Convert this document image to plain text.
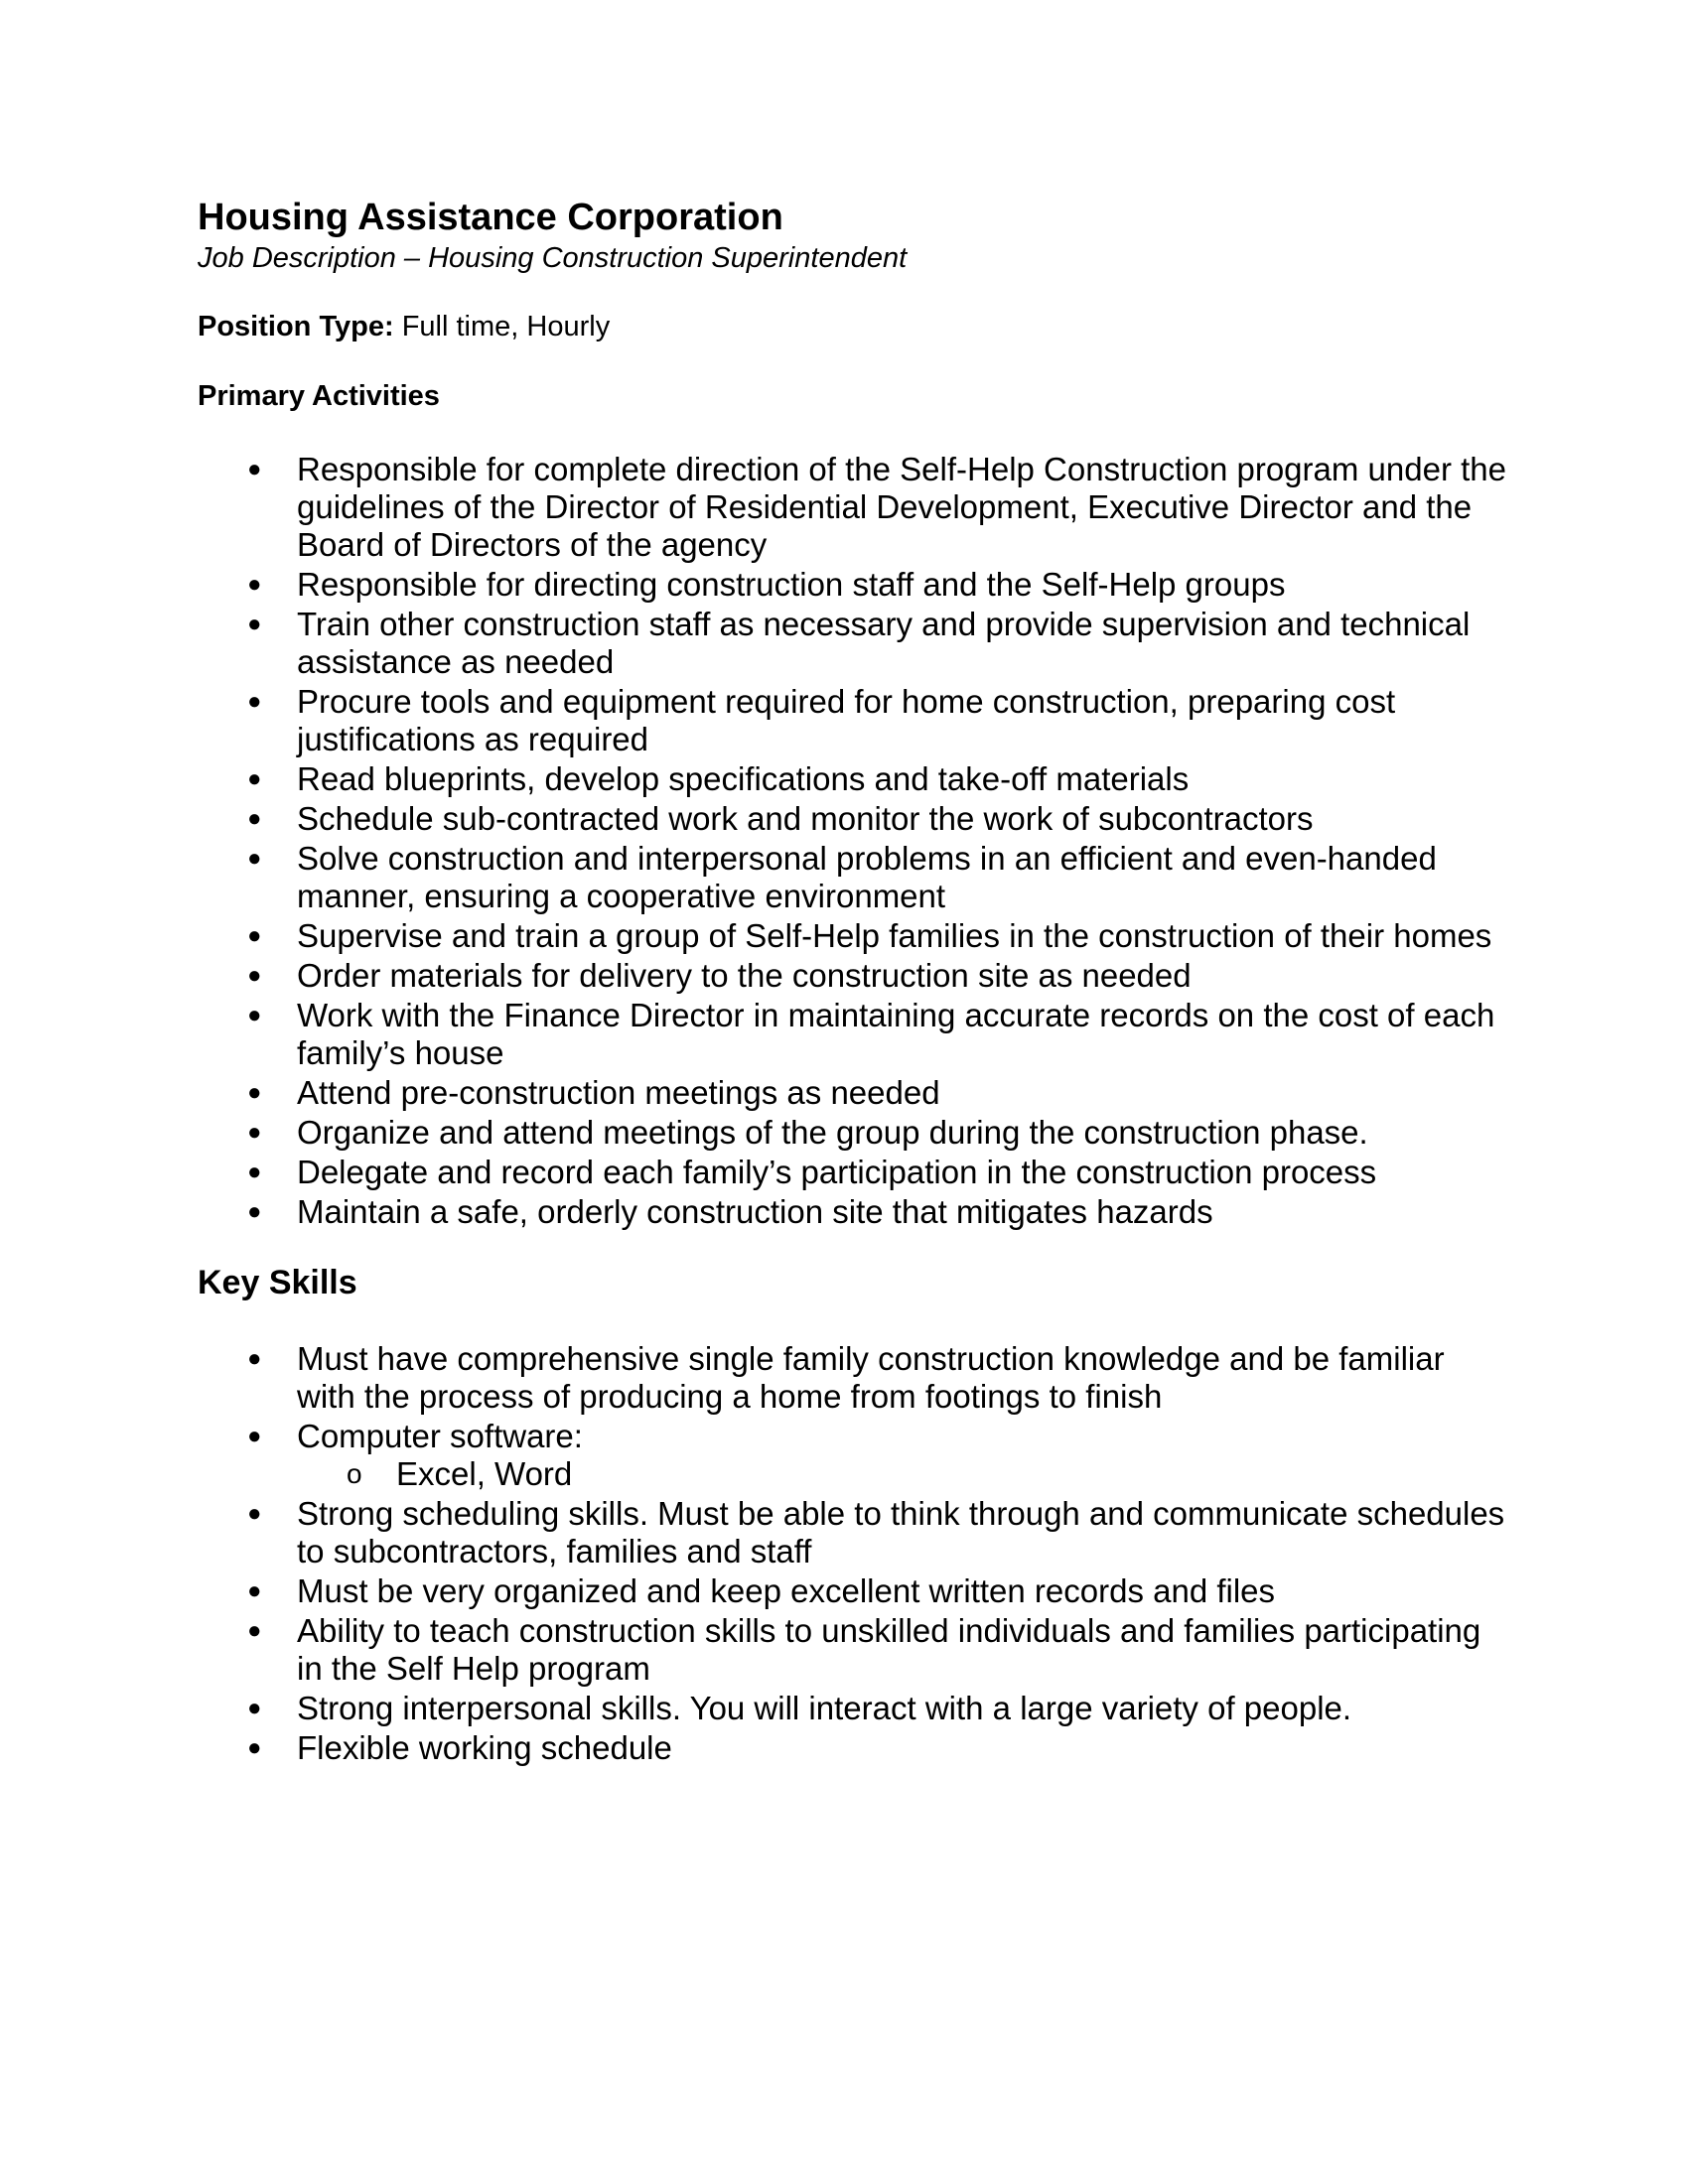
Housing Assistance Corporation
Job Description – Housing Construction Superintendent
Position Type: Full time, Hourly
Primary Activities
● Responsible for complete direction of the Self-Help Construction program under the guidelines of the Director of Residential Development, Executive Director and the Board of Directors of the agency
● Responsible for directing construction staff and the Self-Help groups
● Train other construction staff as necessary and provide supervision and technical assistance as needed
● Procure tools and equipment required for home construction, preparing cost justifications as required
● Read blueprints, develop specifications and take-off materials
● Schedule sub-contracted work and monitor the work of subcontractors
● Solve construction and interpersonal problems in an efficient and even-handed manner, ensuring a cooperative environment
● Supervise and train a group of Self-Help families in the construction of their homes
● Order materials for delivery to the construction site as needed
● Work with the Finance Director in maintaining accurate records on the cost of each family’s house
● Attend pre-construction meetings as needed
● Organize and attend meetings of the group during the construction phase.
● Delegate and record each family’s participation in the construction process
● Maintain a safe, orderly construction site that mitigates hazards
Key Skills
● Must have comprehensive single family construction knowledge and be familiar with the process of producing a home from footings to finish
● Computer software:
o Excel, Word
● Strong scheduling skills. Must be able to think through and communicate schedules to subcontractors, families and staff
● Must be very organized and keep excellent written records and files
● Ability to teach construction skills to unskilled individuals and families participating in the Self Help program
● Strong interpersonal skills. You will interact with a large variety of people.
● Flexible working schedule
